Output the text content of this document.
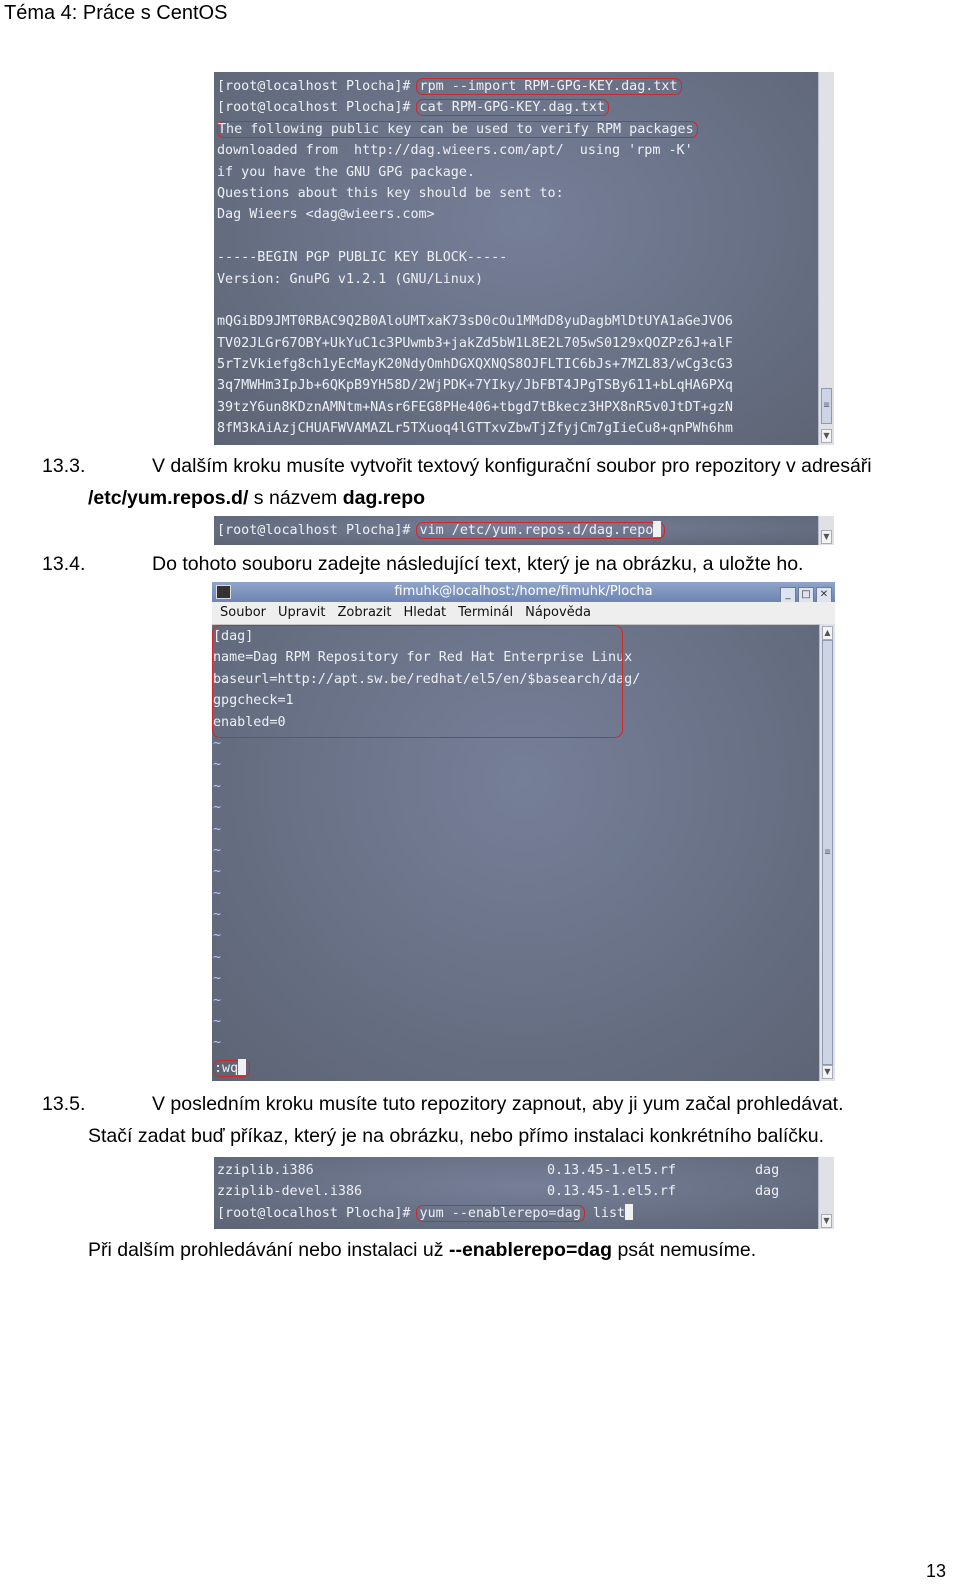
Téma 4: Práce s CentOS
[root@localhost Plocha]# rpm --import RPM-GPG-KEY.dag.txt
[root@localhost Plocha]# cat RPM-GPG-KEY.dag.txt
The following public key can be used to verify RPM packages
downloaded from  http://dag.wieers.com/apt/  using 'rpm -K'
if you have the GNU GPG package.
Questions about this key should be sent to:
Dag Wieers <dag@wieers.com>
-----BEGIN PGP PUBLIC KEY BLOCK-----
Version: GnuPG v1.2.1 (GNU/Linux)
mQGiBD9JMT0RBAC9Q2B0AloUMTxaK73sD0cOu1MMdD8yuDagbMlDtUYA1aGeJVO6
TV02JLGr67OBY+UkYuC1c3PUwmb3+jakZd5bW1L8E2L705wS0129xQOZPz6J+alF
5rTzVkiefg8ch1yEcMayK20NdyOmhDGXQXNQS8OJFLTIC6bJs+7MZL83/wCg3cG3
3q7MWHm3IpJb+6QKpB9YH58D/2WjPDK+7YIky/JbFBT4JPgTSBy611+bLqHA6PXq
39tzY6un8KDznAMNtm+NAsr6FEG8PHe406+tbgd7tBkecz3HPX8nR5v0JtDT+gzN
8fM3kAiAzjCHUAFWVAMAZLr5TXuoq4lGTTxvZbwTjZfyjCm7gIieCu8+qnPWh6hm
≡
▼
13.3.	V dalším kroku musíte vytvořit textový konfigurační soubor pro repozitory v adresáři
/etc/yum.repos.d/ s názvem dag.repo
[root@localhost Plocha]# vim /etc/yum.repos.d/dag.repo	▼
13.4.	Do tohoto souboru zadejte následující text, který je na obrázku, a uložte ho.
fimuhk@localhost:/home/fimuhk/Plocha	_ □ ✕
Soubor Upravit Zobrazit Hledat Terminál Nápověda
[dag]
name=Dag RPM Repository for Red Hat Enterprise Linux
baseurl=http://apt.sw.be/redhat/el5/en/$basearch/dag/
gpgcheck=1
enabled=0
~
~
~
~
~
~
~
~
~
~
~
~
~
~
~
:wq
▲
≡
▼
13.5.	V posledním kroku musíte tuto repozitory zapnout, aby ji yum začal prohledávat.
Stačí zadat buď příkaz, který je na obrázku, nebo přímo instalaci konkrétního balíčku.
zziplib.i386	0.13.45-1.el5.rf	dag
zziplib-devel.i386	0.13.45-1.el5.rf	dag
[root@localhost Plocha]# yum --enablerepo=dag list	▼
Při dalším prohledávání nebo instalaci už --enablerepo=dag psát nemusíme.
13
